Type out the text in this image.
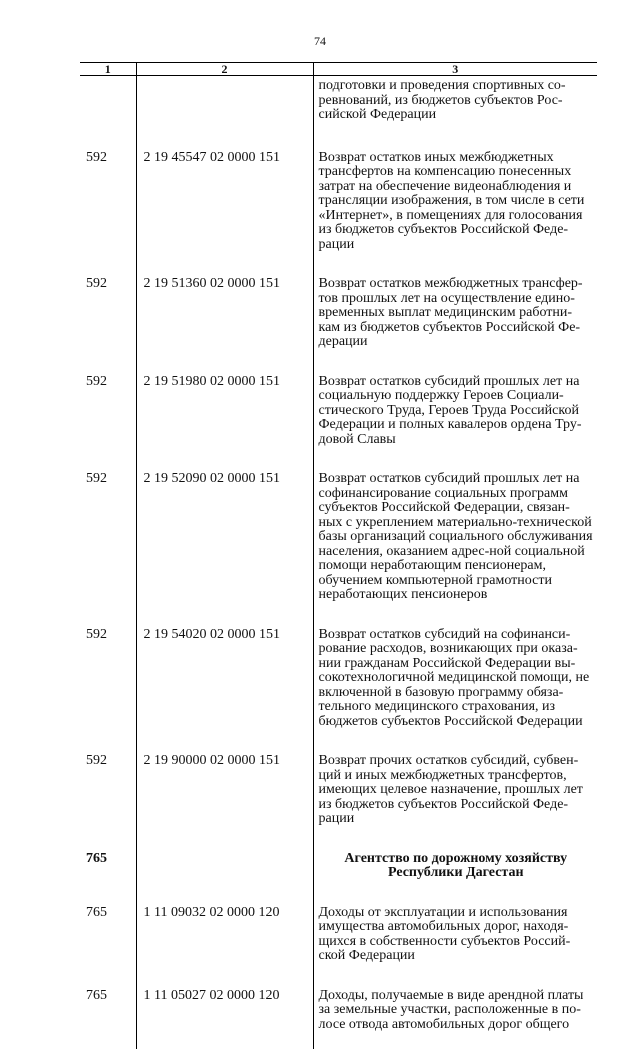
74
1	2	3

		подготовки и проведения спортивных со-ревнований, из бюджетов субъектов Рос-сийской Федерации

592	2 19 45547 02 0000 151	Возврат остатков иных межбюджетных трансфертов на компенсацию понесенных затрат на обеспечение видеонаблюдения и трансляции изображения, в том числе в сети «Интернет», в помещениях для голосования из бюджетов субъектов Российской Феде-рации

592	2 19 51360 02 0000 151	Возврат остатков межбюджетных трансфер-тов прошлых лет на осуществление едино-временных выплат медицинским работни-кам из бюджетов субъектов Российской Фе-дерации

592	2 19 51980 02 0000 151	Возврат остатков субсидий прошлых лет на социальную поддержку Героев Социали-стического Труда, Героев Труда Российской Федерации и полных кавалеров ордена Тру-довой Славы

592	2 19 52090 02 0000 151	Возврат остатков субсидий прошлых лет на софинансирование социальных программ субъектов Российской Федерации, связан-ных с укреплением материально-технической базы организаций социального обслуживания населения, оказанием адрес-ной социальной помощи неработающим пенсионерам, обучением компьютерной грамотности неработающих пенсионеров

592	2 19 54020 02 0000 151	Возврат остатков субсидий на софинанси-рование расходов, возникающих при оказа-нии гражданам Российской Федерации вы-сокотехнологичной медицинской помощи, не включенной в базовую программу обяза-тельного медицинского страхования, из бюджетов субъектов Российской Федерации

592	2 19 90000 02 0000 151	Возврат прочих остатков субсидий, субвен-ций и иных межбюджетных трансфертов, имеющих целевое назначение, прошлых лет из бюджетов субъектов Российской Феде-рации

765		Агентство по дорожному хозяйству Республики Дагестан

765	1 11 09032 02 0000 120	Доходы от эксплуатации и использования имущества автомобильных дорог, находя-щихся в собственности субъектов Россий-ской Федерации

765	1 11 05027 02 0000 120	Доходы, получаемые в виде арендной платы за земельные участки, расположенные в по-лосе отвода автомобильных дорог общего
